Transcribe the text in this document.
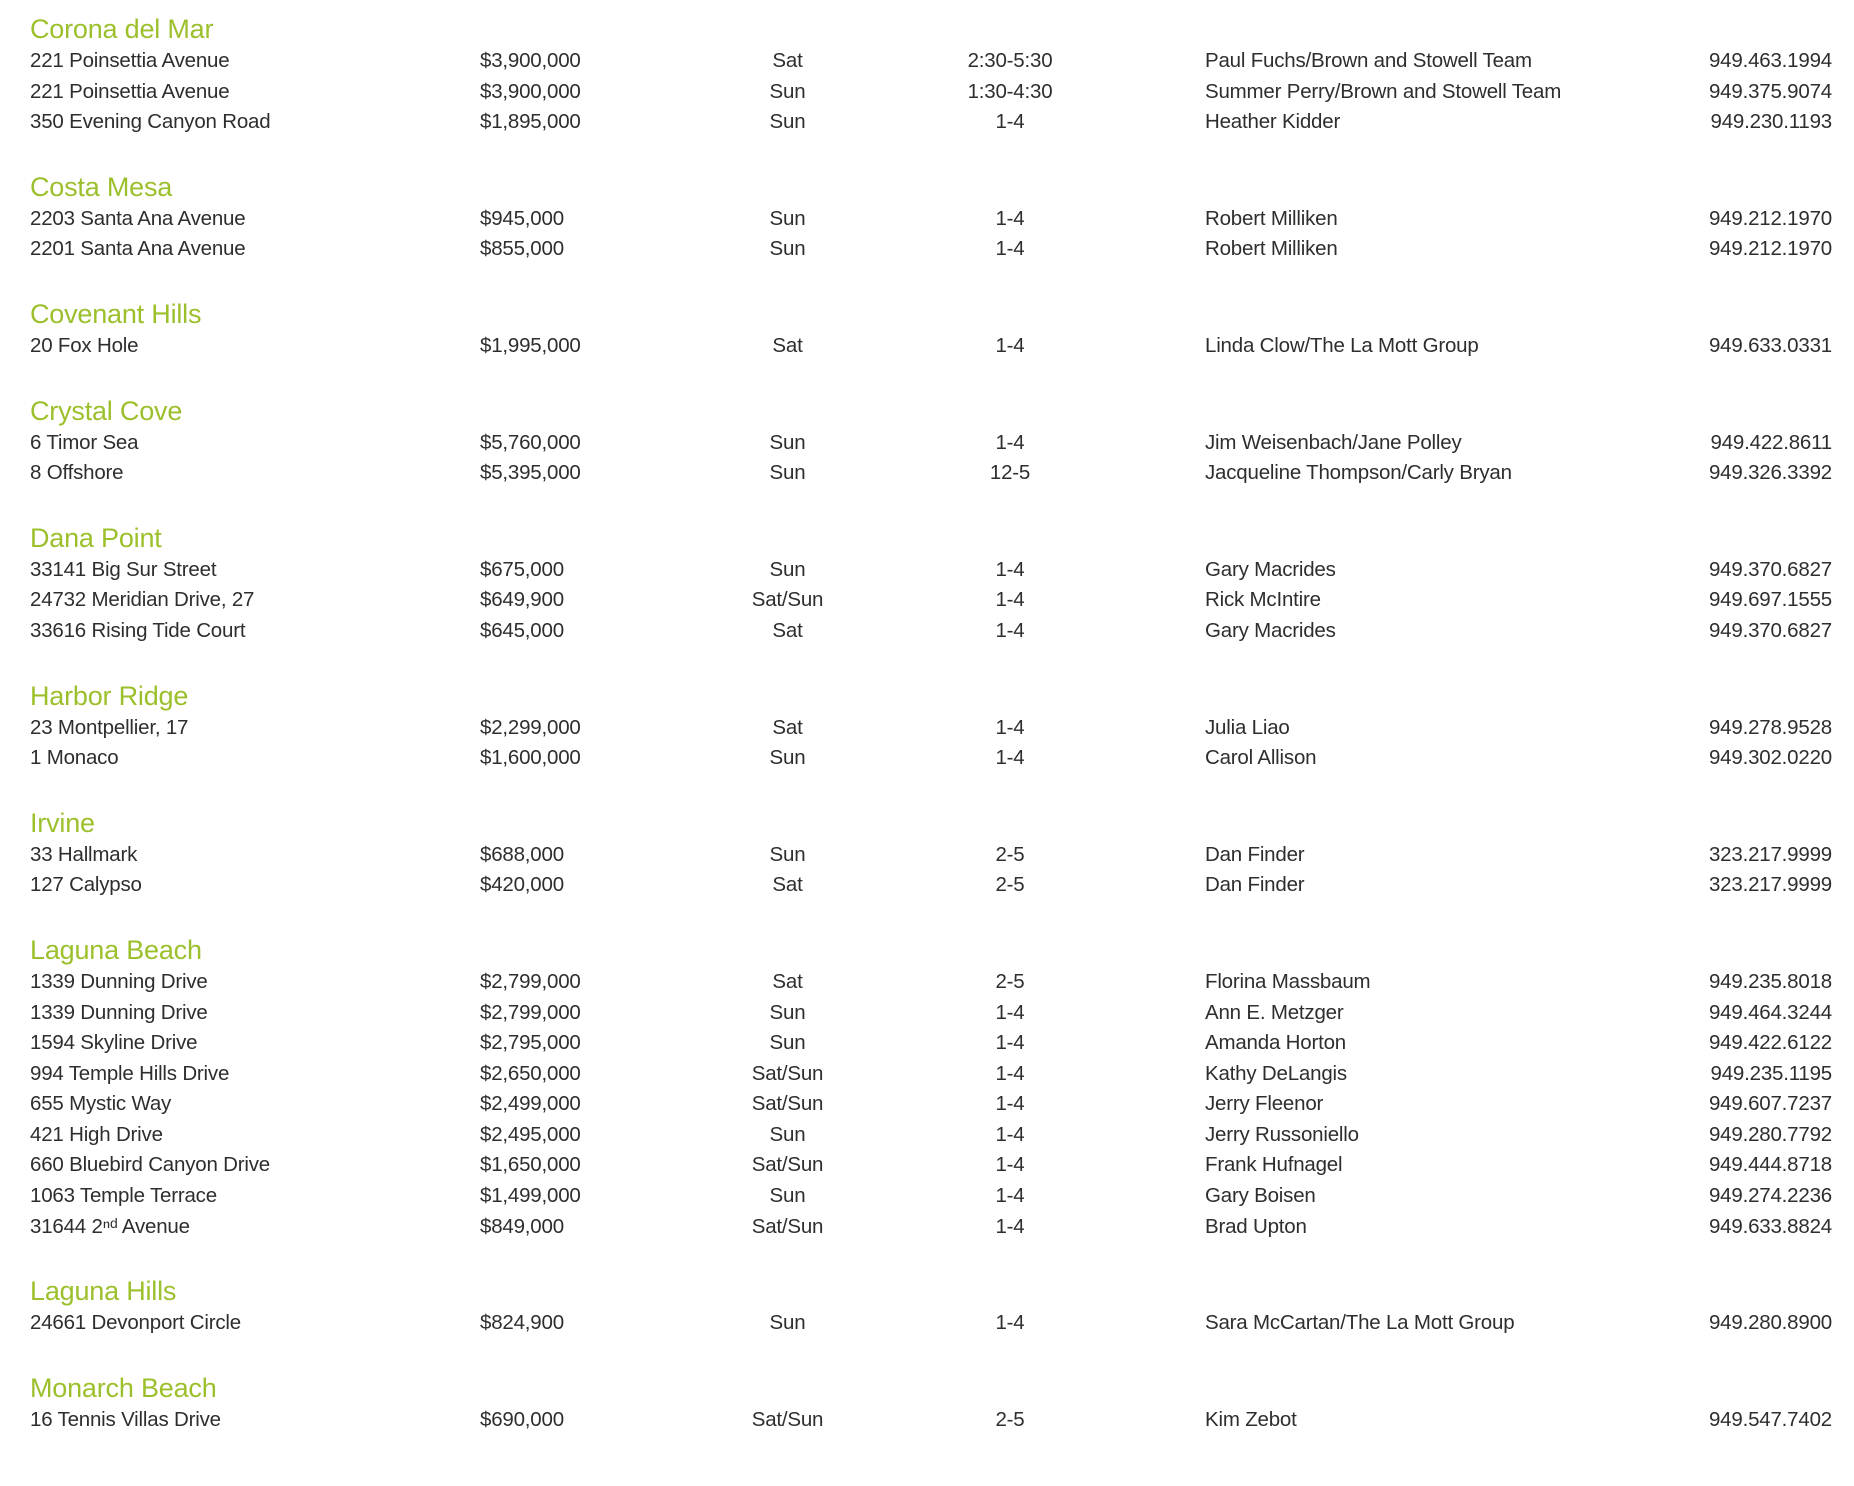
Corona del Mar
221 Poinsettia Avenue	$3,900,000	Sat	2:30-5:30	Paul Fuchs/Brown and Stowell Team	949.463.1994
221 Poinsettia Avenue	$3,900,000	Sun	1:30-4:30	Summer Perry/Brown and Stowell Team	949.375.9074
350 Evening Canyon Road	$1,895,000	Sun	1-4	Heather Kidder	949.230.1193
Costa Mesa
2203 Santa Ana Avenue	$945,000	Sun	1-4	Robert Milliken	949.212.1970
2201 Santa Ana Avenue	$855,000	Sun	1-4	Robert Milliken	949.212.1970
Covenant Hills
20 Fox Hole	$1,995,000	Sat	1-4	Linda Clow/The La Mott Group	949.633.0331
Crystal Cove
6 Timor Sea	$5,760,000	Sun	1-4	Jim Weisenbach/Jane Polley	949.422.8611
8 Offshore	$5,395,000	Sun	12-5	Jacqueline Thompson/Carly Bryan	949.326.3392
Dana Point
33141 Big Sur Street	$675,000	Sun	1-4	Gary Macrides	949.370.6827
24732 Meridian Drive, 27	$649,900	Sat/Sun	1-4	Rick McIntire	949.697.1555
33616 Rising Tide Court	$645,000	Sat	1-4	Gary Macrides	949.370.6827
Harbor Ridge
23 Montpellier, 17	$2,299,000	Sat	1-4	Julia Liao	949.278.9528
1 Monaco	$1,600,000	Sun	1-4	Carol Allison	949.302.0220
Irvine
33 Hallmark	$688,000	Sun	2-5	Dan Finder	323.217.9999
127 Calypso	$420,000	Sat	2-5	Dan Finder	323.217.9999
Laguna Beach
1339 Dunning Drive	$2,799,000	Sat	2-5	Florina Massbaum	949.235.8018
1339 Dunning Drive	$2,799,000	Sun	1-4	Ann E. Metzger	949.464.3244
1594 Skyline Drive	$2,795,000	Sun	1-4	Amanda Horton	949.422.6122
994 Temple Hills Drive	$2,650,000	Sat/Sun	1-4	Kathy DeLangis	949.235.1195
655 Mystic Way	$2,499,000	Sat/Sun	1-4	Jerry Fleenor	949.607.7237
421 High Drive	$2,495,000	Sun	1-4	Jerry Russoniello	949.280.7792
660 Bluebird Canyon Drive	$1,650,000	Sat/Sun	1-4	Frank Hufnagel	949.444.8718
1063 Temple Terrace	$1,499,000	Sun	1-4	Gary Boisen	949.274.2236
31644 2ⁿᵈ Avenue	$849,000	Sat/Sun	1-4	Brad Upton	949.633.8824
Laguna Hills
24661 Devonport Circle	$824,900	Sun	1-4	Sara McCartan/The La Mott Group	949.280.8900
Monarch Beach
16 Tennis Villas Drive	$690,000	Sat/Sun	2-5	Kim Zebot	949.547.7402
